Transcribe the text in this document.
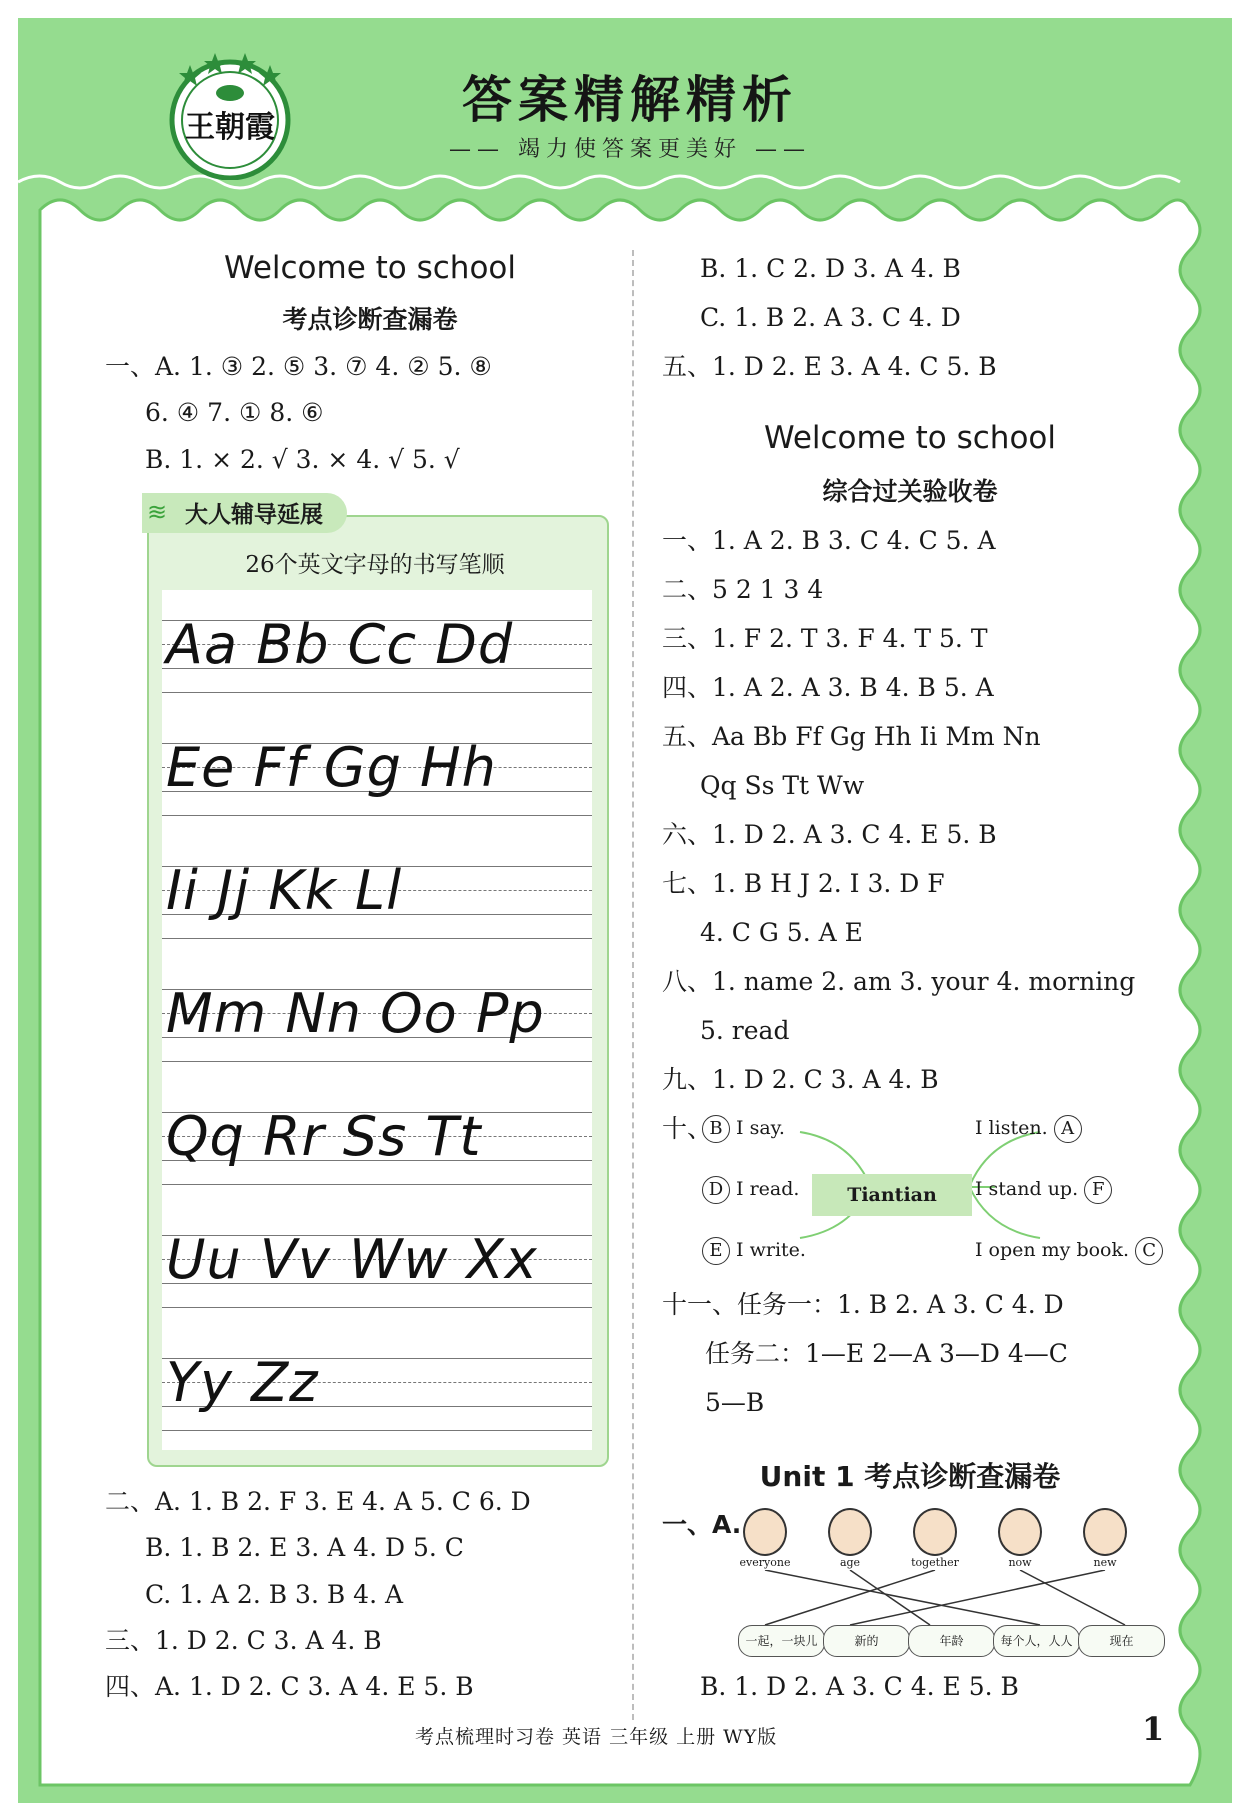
王朝霞	答案精解精析
—— 竭力使答案更美好 ——
Welcome to school
考点诊断查漏卷
一、A. 1. ③ 2. ⑤ 3. ⑦ 4. ② 5. ⑧
6. ④ 7. ① 8. ⑥
B. 1. × 2. √ 3. × 4. √ 5. √
≋ 大人辅导延展
26个英文字母的书写笔顺
Aa Bb Cc Dd
Ee Ff Gg Hh
Ii Jj Kk Ll
Mm Nn Oo Pp
Qq Rr Ss Tt
Uu Vv Ww Xx
Yy Zz
二、A. 1. B 2. F 3. E 4. A 5. C 6. D
B. 1. B 2. E 3. A 4. D 5. C
C. 1. A 2. B 3. B 4. A
三、1. D 2. C 3. A 4. B
四、A. 1. D 2. C 3. A 4. E 5. B
B. 1. C 2. D 3. A 4. B
C. 1. B 2. A 3. C 4. D
五、1. D 2. E 3. A 4. C 5. B
Welcome to school
综合过关验收卷
一、1. A 2. B 3. C 4. C 5. A
二、5 2 1 3 4
三、1. F 2. T 3. F 4. T 5. T
四、1. A 2. A 3. B 4. B 5. A
五、Aa Bb Ff Gg Hh Ii Mm Nn
Qq Ss Tt Ww
六、1. D 2. A 3. C 4. E 5. B
七、1. B H J 2. I 3. D F
4. C G 5. A E
八、1. name 2. am 3. your 4. morning
5. read
九、1. D 2. C 3. A 4. B
十、
Tiantian
B I say.
D I read.
E I write.
I listen. A
I stand up. F
I open my book. C
十一、任务一：1. B 2. A 3. C 4. D
任务二：1—E 2—A 3—D 4—C
5—B
Unit 1 考点诊断查漏卷
一、A.
everyone	age	together	now	new
一起，一块儿	新的	年龄	每个人，人人	现在
B. 1. D 2. A 3. C 4. E 5. B
考点梳理时习卷 英语 三年级 上册 WY版	1
